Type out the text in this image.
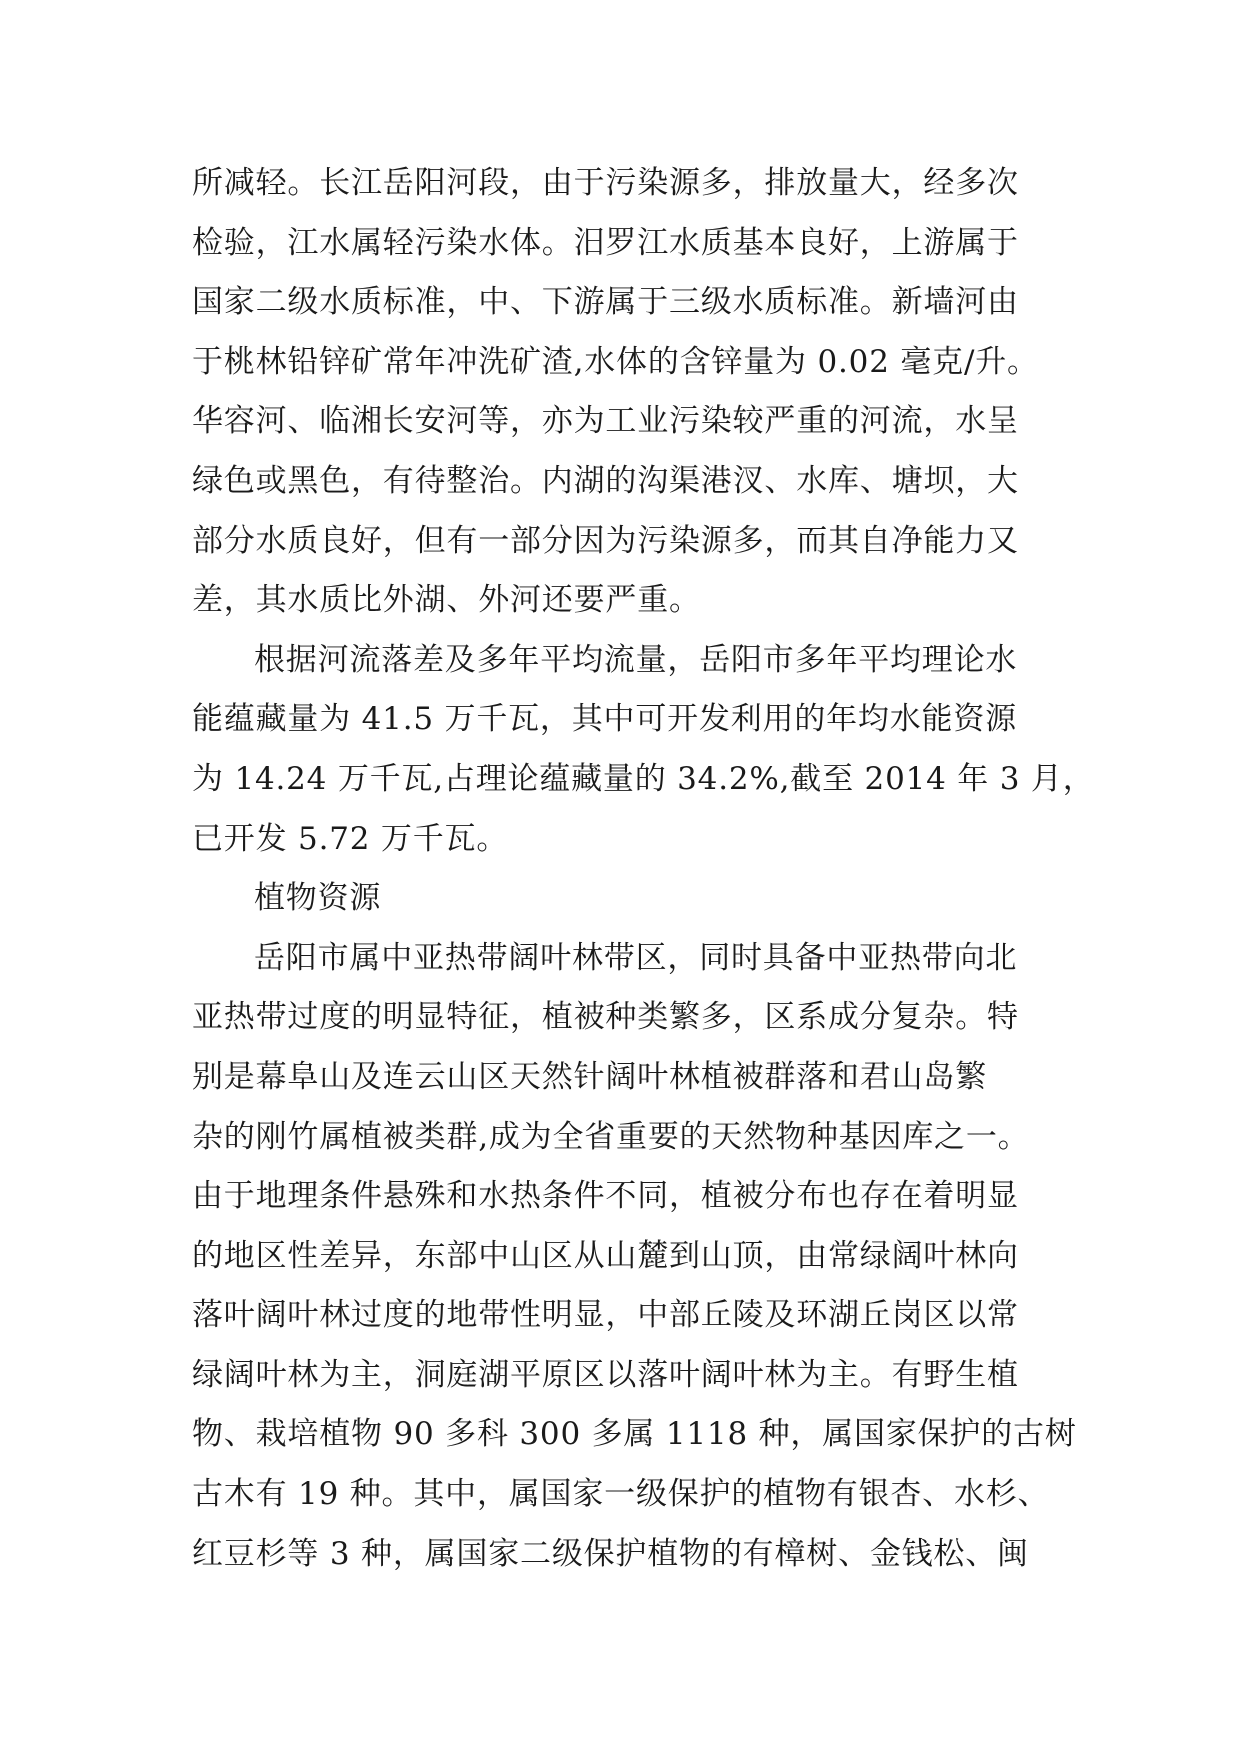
所减轻。长江岳阳河段，由于污染源多，排放量大，经多次
检验，江水属轻污染水体。汨罗江水质基本良好，上游属于
国家二级水质标准，中、下游属于三级水质标准。新墙河由
于桃林铅锌矿常年冲洗矿渣,水体的含锌量为 0.02 毫克/升。
华容河、临湘长安河等，亦为工业污染较严重的河流，水呈
绿色或黑色，有待整治。内湖的沟渠港汊、水库、塘坝，大
部分水质良好，但有一部分因为污染源多，而其自净能力又
差，其水质比外湖、外河还要严重。
根据河流落差及多年平均流量，岳阳市多年平均理论水
能蕴藏量为 41.5 万千瓦，其中可开发利用的年均水能资源
为 14.24 万千瓦,占理论蕴藏量的 34.2%,截至 2014 年 3 月，
已开发 5.72 万千瓦。
植物资源
岳阳市属中亚热带阔叶林带区，同时具备中亚热带向北
亚热带过度的明显特征，植被种类繁多，区系成分复杂。特
别是幕阜山及连云山区天然针阔叶林植被群落和君山岛繁
杂的刚竹属植被类群,成为全省重要的天然物种基因库之一。
由于地理条件悬殊和水热条件不同，植被分布也存在着明显
的地区性差异，东部中山区从山麓到山顶，由常绿阔叶林向
落叶阔叶林过度的地带性明显，中部丘陵及环湖丘岗区以常
绿阔叶林为主，洞庭湖平原区以落叶阔叶林为主。有野生植
物、栽培植物 90 多科 300 多属 1118 种，属国家保护的古树
古木有 19 种。其中，属国家一级保护的植物有银杏、水杉、
红豆杉等 3 种，属国家二级保护植物的有樟树、金钱松、闽
